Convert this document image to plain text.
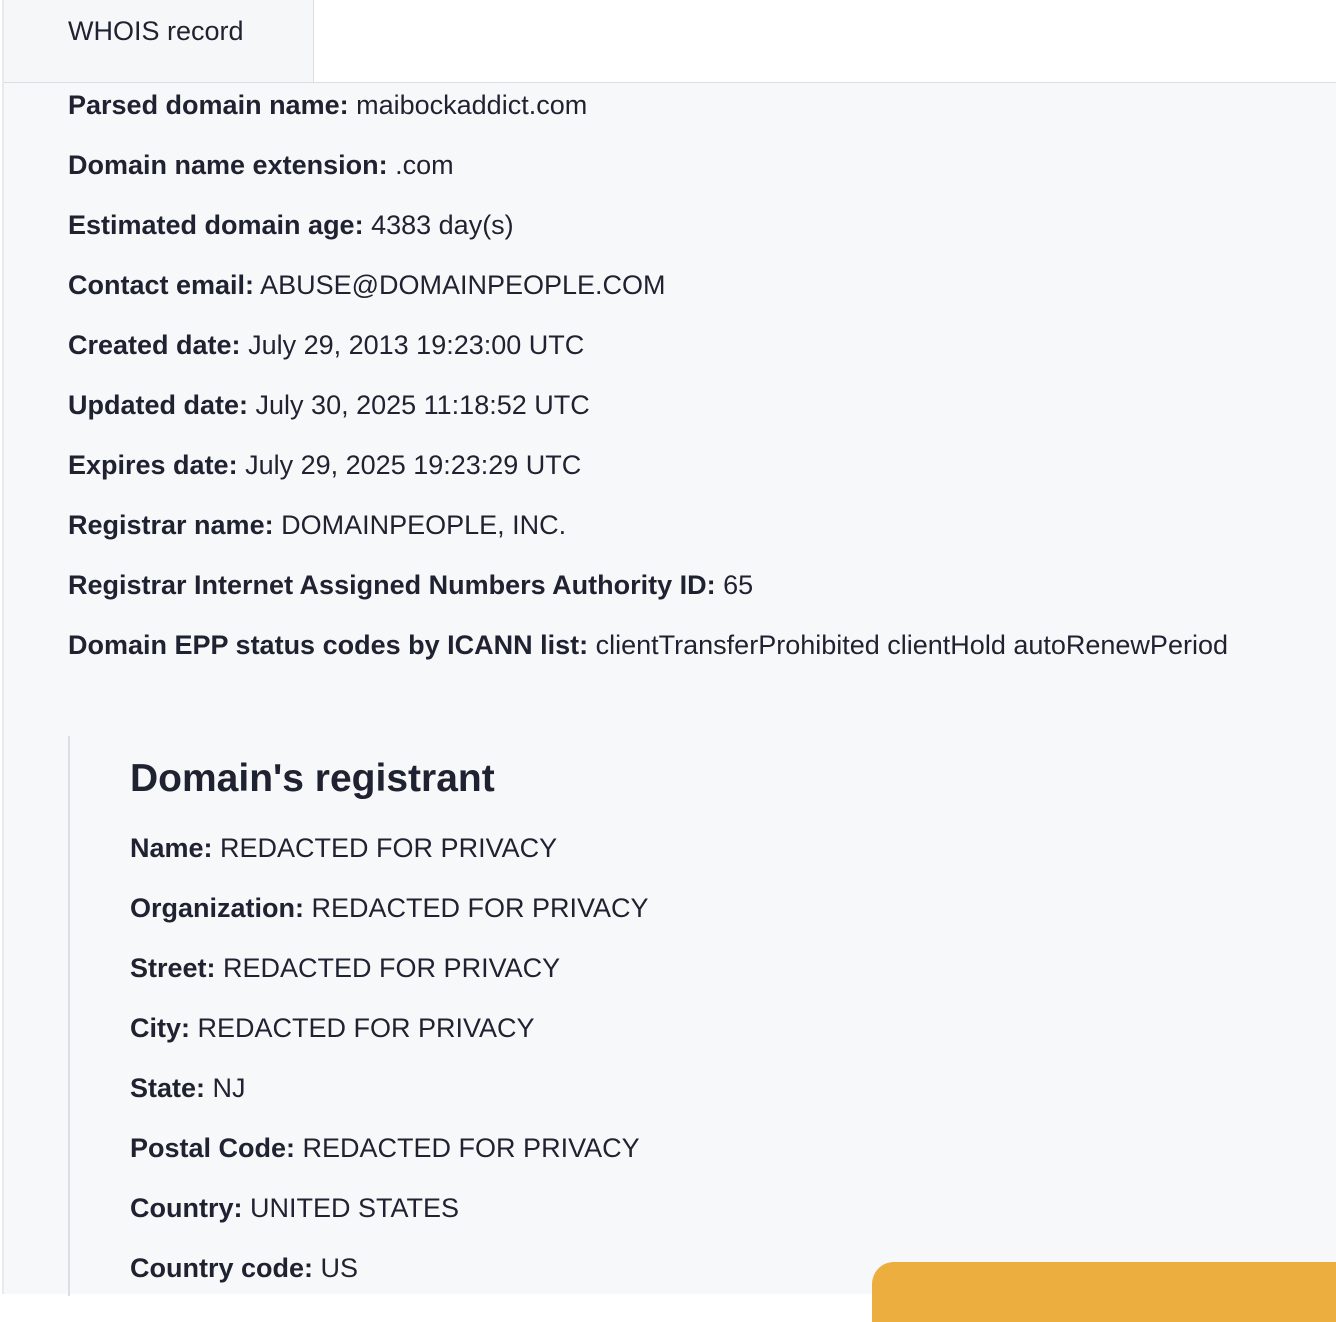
WHOIS record
Parsed domain name: maibockaddict.com
Domain name extension: .com
Estimated domain age: 4383 day(s)
Contact email: ABUSE@DOMAINPEOPLE.COM
Created date: July 29, 2013 19:23:00 UTC
Updated date: July 30, 2025 11:18:52 UTC
Expires date: July 29, 2025 19:23:29 UTC
Registrar name: DOMAINPEOPLE, INC.
Registrar Internet Assigned Numbers Authority ID: 65
Domain EPP status codes by ICANN list: clientTransferProhibited clientHold autoRenewPeriod
Domain's registrant
Name: REDACTED FOR PRIVACY
Organization: REDACTED FOR PRIVACY
Street: REDACTED FOR PRIVACY
City: REDACTED FOR PRIVACY
State: NJ
Postal Code: REDACTED FOR PRIVACY
Country: UNITED STATES
Country code: US
